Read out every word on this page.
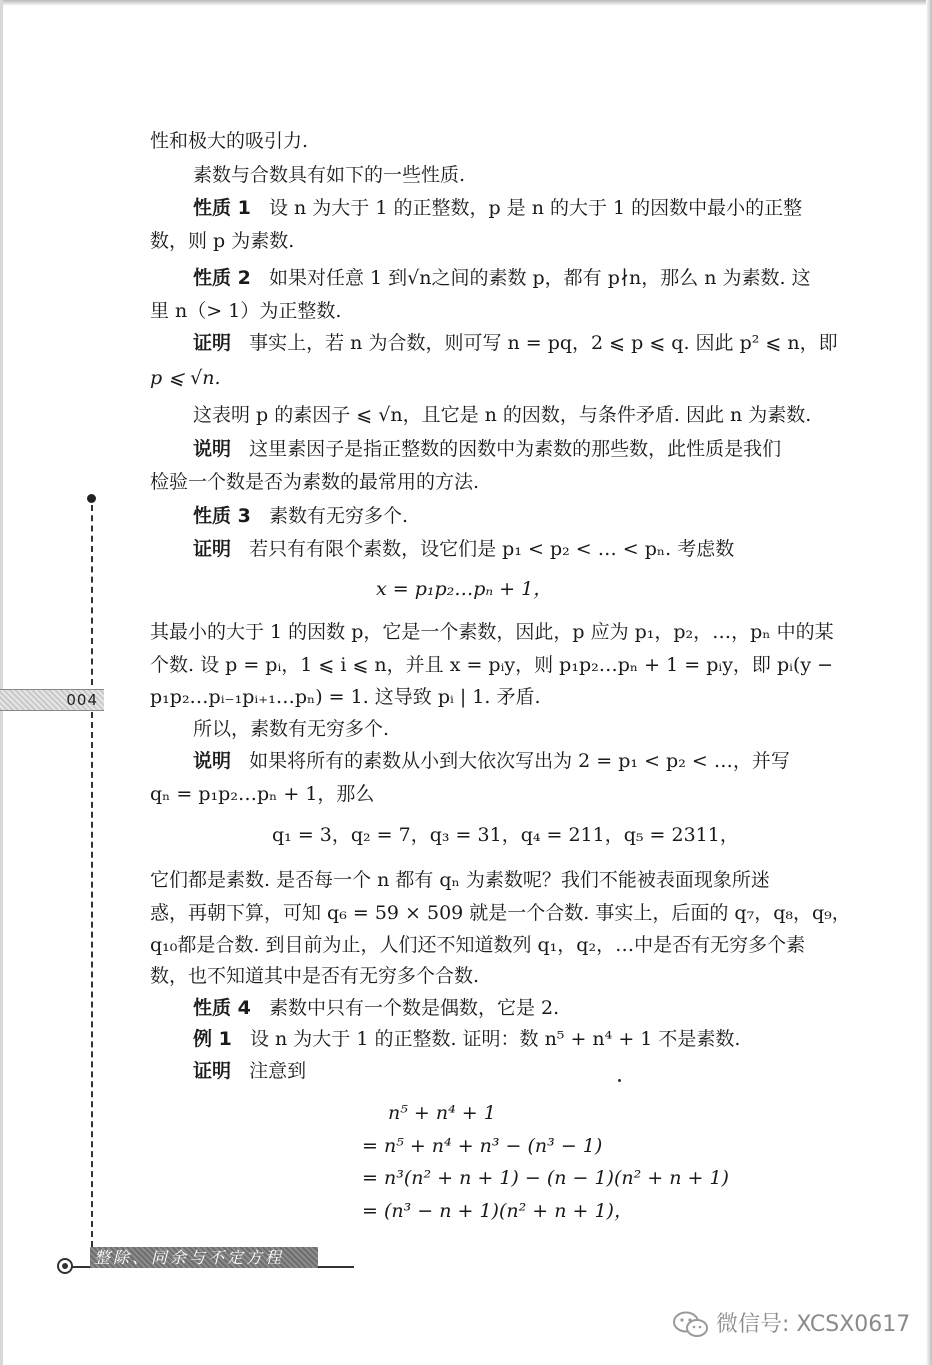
004
性和极大的吸引力.
素数与合数具有如下的一些性质.
性质 1 设 n 为大于 1 的正整数，p 是 n 的大于 1 的因数中最小的正整
数，则 p 为素数.
性质 2 如果对任意 1 到√n之间的素数 p，都有 p∤n，那么 n 为素数. 这
里 n（> 1）为正整数.
证明 事实上，若 n 为合数，则可写 n = pq，2 ⩽ p ⩽ q. 因此 p² ⩽ n，即
p ⩽ √n.
这表明 p 的素因子 ⩽ √n，且它是 n 的因数，与条件矛盾. 因此 n 为素数.
说明 这里素因子是指正整数的因数中为素数的那些数，此性质是我们
检验一个数是否为素数的最常用的方法.
性质 3 素数有无穷多个.
证明 若只有有限个素数，设它们是 p₁ < p₂ < … < pₙ. 考虑数
x = p₁p₂…pₙ + 1，
其最小的大于 1 的因数 p，它是一个素数，因此，p 应为 p₁，p₂，…，pₙ 中的某
个数. 设 p = pᵢ，1 ⩽ i ⩽ n，并且 x = pᵢy，则 p₁p₂…pₙ + 1 = pᵢy，即 pᵢ(y −
p₁p₂…pᵢ₋₁pᵢ₊₁…pₙ) = 1. 这导致 pᵢ | 1. 矛盾.
所以，素数有无穷多个.
说明 如果将所有的素数从小到大依次写出为 2 = p₁ < p₂ < …，并写
qₙ = p₁p₂…pₙ + 1，那么
q₁ = 3，q₂ = 7，q₃ = 31，q₄ = 211，q₅ = 2311，
它们都是素数. 是否每一个 n 都有 qₙ 为素数呢？我们不能被表面现象所迷
惑，再朝下算，可知 q₆ = 59 × 509 就是一个合数. 事实上，后面的 q₇，q₈，q₉，
q₁₀都是合数. 到目前为止，人们还不知道数列 q₁，q₂，…中是否有无穷多个素
数，也不知道其中是否有无穷多个合数.
性质 4 素数中只有一个数是偶数，它是 2.
例 1 设 n 为大于 1 的正整数. 证明：数 n⁵ + n⁴ + 1 不是素数.
证明 注意到
n⁵ + n⁴ + 1
= n⁵ + n⁴ + n³ − (n³ − 1)
= n³(n² + n + 1) − (n − 1)(n² + n + 1)
= (n³ − n + 1)(n² + n + 1)，
整除、同余与不定方程
微信号: XCSX0617
